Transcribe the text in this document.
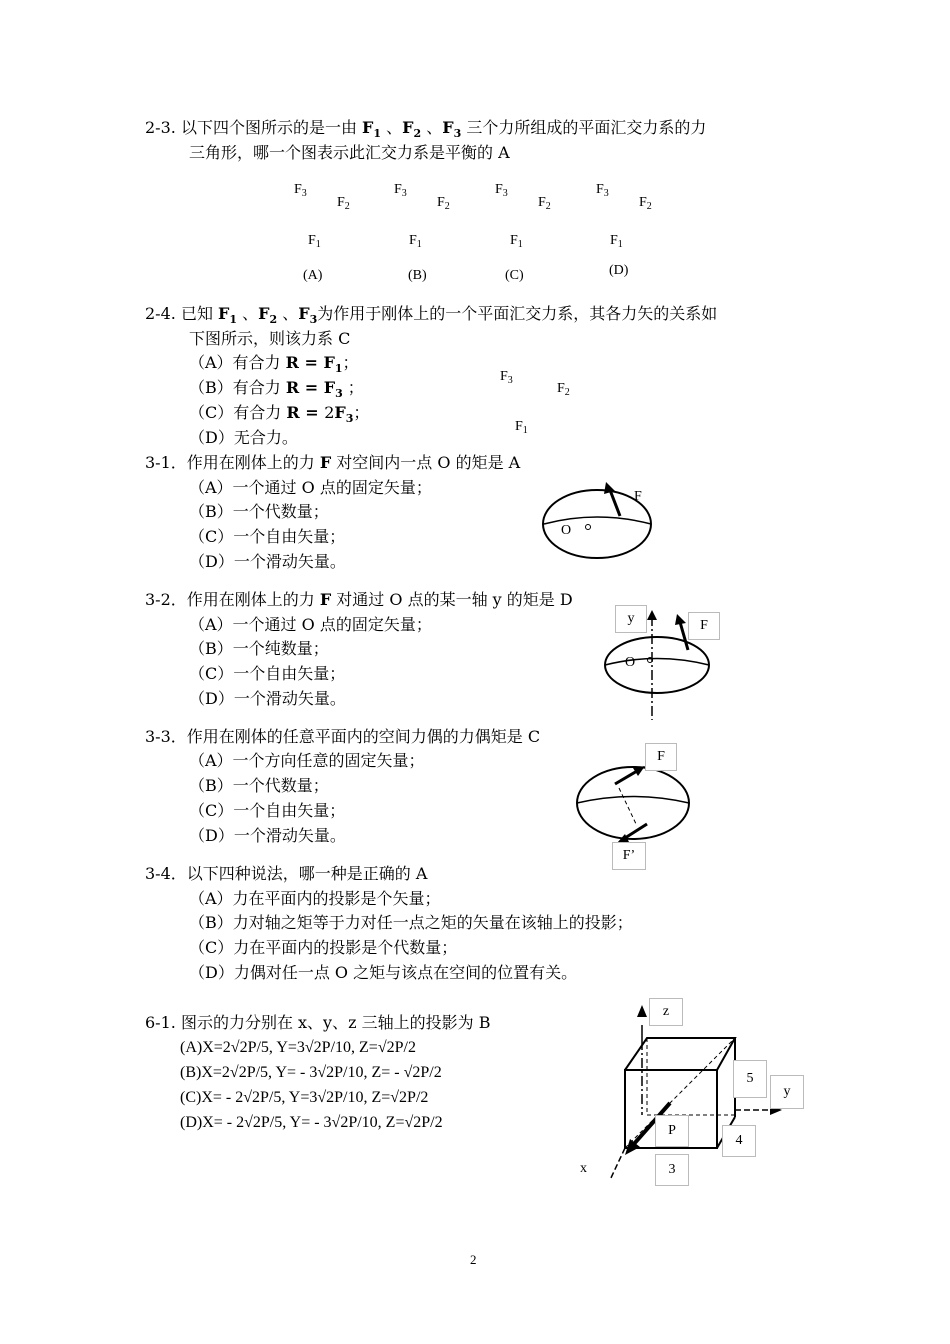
2-3. 以下四个图所示的是一由 $F_1$ 、$F_2$ 、$F_3$ 三个力所组成的平面汇交力系的力
三角形，哪一个图表示此汇交力系是平衡的 A
$F_3$
$F_2$
$F_1$
(A)
$F_3$
$F_2$
$F_1$
(B)
$F_3$
$F_2$
$F_1$
(C)
$F_3$
$F_2$
$F_1$
(D)
2-4. 已知 $F_1$ 、$F_2$ 、$F_3$为作用于刚体上的一个平面汇交力系，其各力矢的关系如
下图所示，则该力系 C
（A）有合力 $R = F_1$；
（B）有合力 $R = F_3$ ；
（C）有合力 $R = 2F_3$；
（D）无合力。
$F_3$
$F_2$
$F_1$
3-1．作用在刚体上的力 F 对空间内一点 O 的矩是 A
（A）一个通过 O 点的固定矢量；
（B）一个代数量；
（C）一个自由矢量；
（D）一个滑动矢量。
F
O
3-2．作用在刚体上的力 F 对通过 O 点的某一轴 y 的矩是 D
（A）一个通过 O 点的固定矢量；
（B）一个纯数量；
（C）一个自由矢量；
（D）一个滑动矢量。
y	F
O
3-3．作用在刚体的任意平面内的空间力偶的力偶矩是 C
（A）一个方向任意的固定矢量；
（B）一个代数量；
（C）一个自由矢量；
（D）一个滑动矢量。
F
F’
3-4．以下四种说法，哪一种是正确的 A
（A）力在平面内的投影是个矢量；
（B）力对轴之矩等于力对任一点之矩的矢量在该轴上的投影；
（C）力在平面内的投影是个代数量；
（D）力偶对任一点 O 之矩与该点在空间的位置有关。
6-1. 图示的力分别在 x、y、z 三轴上的投影为 B
(A)X=2√2P/5, Y=3√2P/10, Z=√2P/2
(B)X=2√2P/5, Y= - 3√2P/10, Z= - √2P/2
(C)X= - 2√2P/5, Y=3√2P/10, Z=√2P/2
(D)X= - 2√2P/5, Y= - 3√2P/10, Z=√2P/2
z
5
y
P
4
x	3
2
